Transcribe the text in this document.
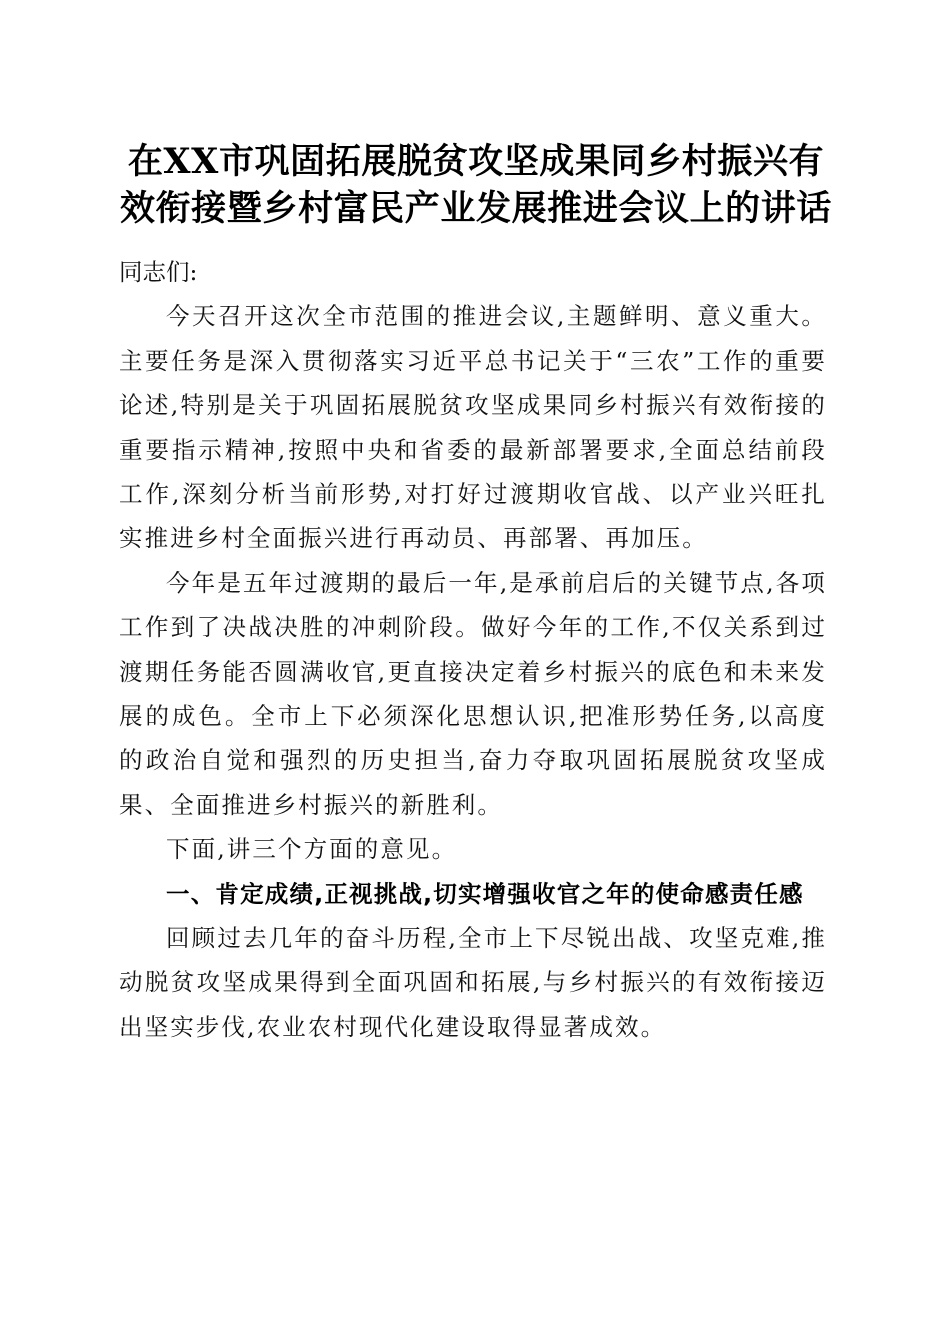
在XX市巩固拓展脱贫攻坚成果同乡村振兴有
效衔接暨乡村富民产业发展推进会议上的讲话

同志们:

今天召开这次全市范围的推进会议,主题鲜明、意义重大。主要任务是深入贯彻落实习近平总书记关于“三农”工作的重要论述,特别是关于巩固拓展脱贫攻坚成果同乡村振兴有效衔接的重要指示精神,按照中央和省委的最新部署要求,全面总结前段工作,深刻分析当前形势,对打好过渡期收官战、以产业兴旺扎实推进乡村全面振兴进行再动员、再部署、再加压。

今年是五年过渡期的最后一年,是承前启后的关键节点,各项工作到了决战决胜的冲刺阶段。做好今年的工作,不仅关系到过渡期任务能否圆满收官,更直接决定着乡村振兴的底色和未来发展的成色。全市上下必须深化思想认识,把准形势任务,以高度的政治自觉和强烈的历史担当,奋力夺取巩固拓展脱贫攻坚成果、全面推进乡村振兴的新胜利。

下面,讲三个方面的意见。

一、肯定成绩,正视挑战,切实增强收官之年的使命感责任感

回顾过去几年的奋斗历程,全市上下尽锐出战、攻坚克难,推动脱贫攻坚成果得到全面巩固和拓展,与乡村振兴的有效衔接迈出坚实步伐,农业农村现代化建设取得显著成效。
